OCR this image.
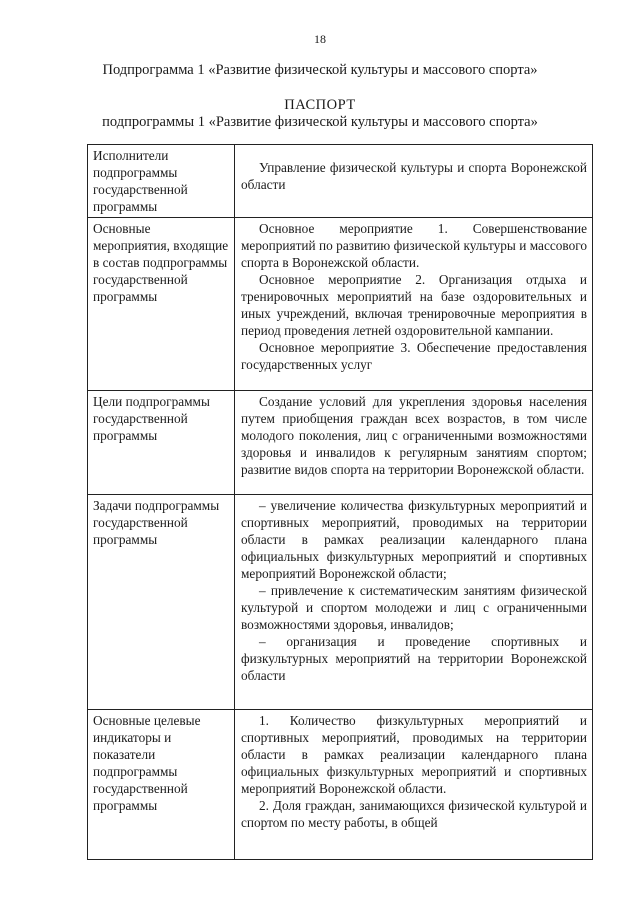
18
Подпрограмма 1 «Развитие физической культуры и массового спорта»
ПАСПОРТ
подпрограммы 1 «Развитие физической культуры и массового спорта»
Исполнители подпрограммы государственной программы	Управление физической культуры и спорта Воронежской области

Основные мероприятия, входящие в состав подпрограммы государственной программы	Основное мероприятие 1. Совершенствование мероприятий по развитию физической культуры и массового спорта в Воронежской области.

Основное мероприятие 2. Организация отдыха и тренировочных мероприятий на базе оздоровительных и иных учреждений, включая тренировочные мероприятия в период проведения летней оздоровительной кампании.

Основное мероприятие 3. Обеспечение предоставления государственных услуг

Цели подпрограммы государственной программы	Создание условий для укрепления здоровья населения путем приобщения граждан всех возрастов, в том числе молодого поколения, лиц с ограниченными возможностями здоровья и инвалидов к регулярным занятиям спортом; развитие видов спорта на территории Воронежской области.

Задачи подпрограммы государственной программы	– увеличение количества физкультурных мероприятий и спортивных мероприятий, проводимых на территории области в рамках реализации календарного плана официальных физкультурных мероприятий и спортивных мероприятий Воронежской области;

– привлечение к систематическим занятиям физической культурой и спортом молодежи и лиц с ограниченными возможностями здоровья, инвалидов;

– организация и проведение спортивных и физкультурных мероприятий на территории Воронежской области

Основные целевые индикаторы и показатели подпрограммы государственной программы	1. Количество физкультурных мероприятий и спортивных мероприятий, проводимых на территории области в рамках реализации календарного плана официальных физкультурных мероприятий и спортивных мероприятий Воронежской области.

2. Доля граждан, занимающихся физической культурой и спортом по месту работы, в общей
